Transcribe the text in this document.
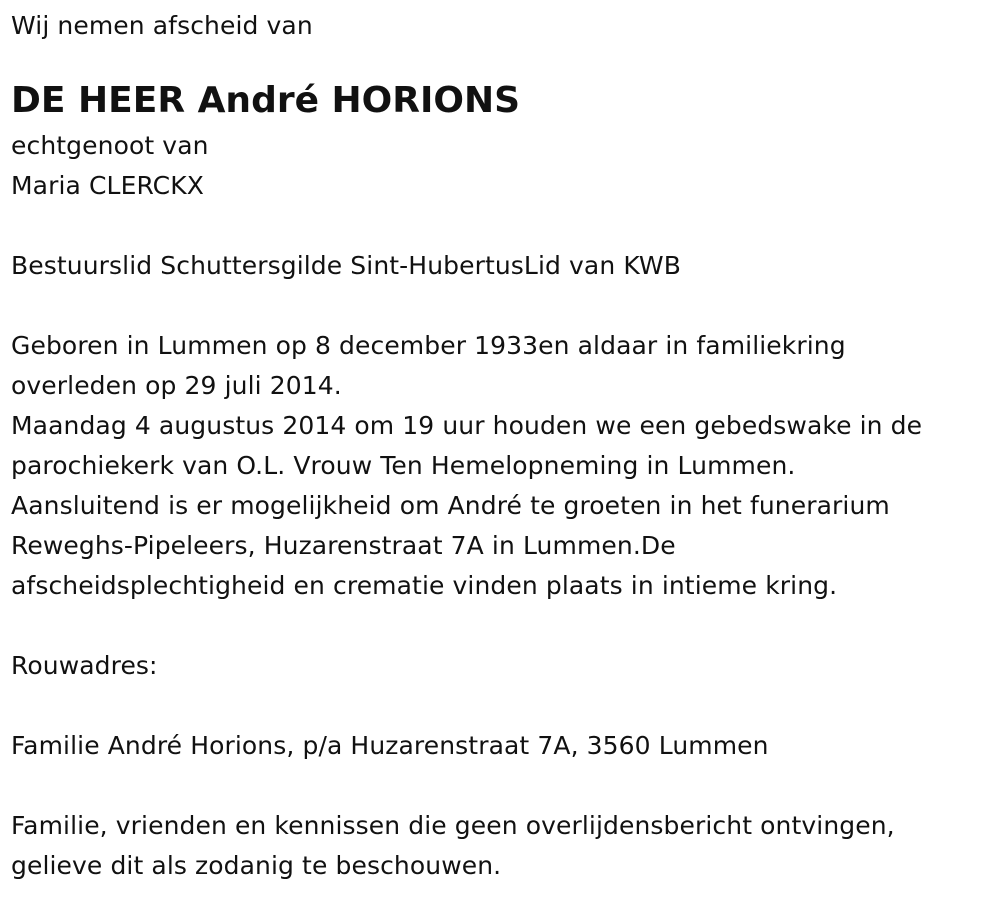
Wij nemen afscheid van
DE HEER André HORIONS
echtgenoot van
Maria CLERCKX
Bestuurslid Schuttersgilde Sint-HubertusLid van KWB
Geboren in Lummen op 8 december 1933en aldaar in familiekring
overleden op 29 juli 2014.
Maandag 4 augustus 2014 om 19 uur houden we een gebedswake in de
parochiekerk van O.L. Vrouw Ten Hemelopneming in Lummen.
Aansluitend is er mogelijkheid om André te groeten in het funerarium
Reweghs-Pipeleers, Huzarenstraat 7A in Lummen.De
afscheidsplechtigheid en crematie vinden plaats in intieme kring.
Rouwadres:
Familie André Horions, p/a Huzarenstraat 7A, 3560 Lummen
Familie, vrienden en kennissen die geen overlijdensbericht ontvingen,
gelieve dit als zodanig te beschouwen.
